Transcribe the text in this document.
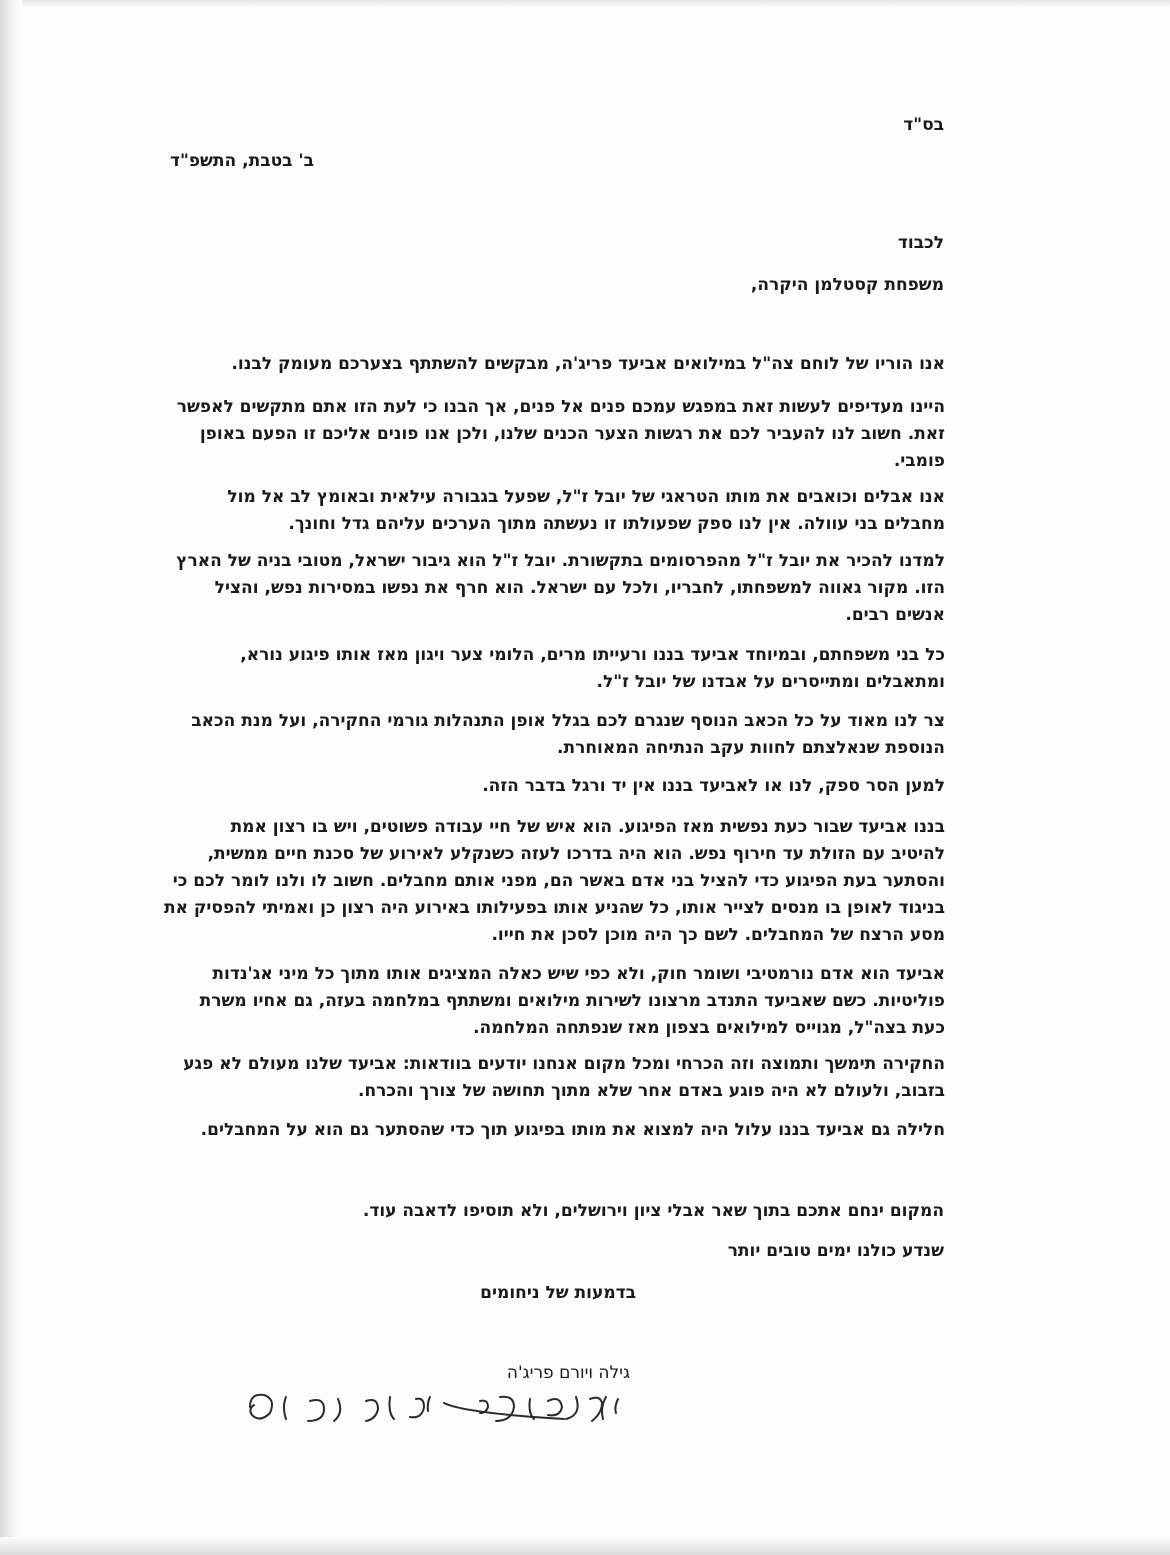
בס"ד
ב' בטבת, התשפ"ד
לכבוד
משפחת קסטלמן היקרה,
אנו הוריו של לוחם צה"ל במילואים אביעד פריג'ה, מבקשים להשתתף בצערכם מעומק לבנו.
היינו מעדיפים לעשות זאת במפגש עמכם פנים אל פנים, אך הבנו כי לעת הזו אתם מתקשים לאפשר
זאת. חשוב לנו להעביר לכם את רגשות הצער הכנים שלנו, ולכן אנו פונים אליכם זו הפעם באופן
פומבי.
אנו אבלים וכואבים את מותו הטראגי של יובל ז"ל, שפעל בגבורה עילאית ובאומץ לב אל מול
מחבלים בני עוולה. אין לנו ספק שפעולתו זו נעשתה מתוך הערכים עליהם גדל וחונך.
למדנו להכיר את יובל ז"ל מהפרסומים בתקשורת. יובל ז"ל הוא גיבור ישראל, מטובי בניה של הארץ
הזו. מקור גאווה למשפחתו, לחבריו, ולכל עם ישראל. הוא חרף את נפשו במסירות נפש, והציל
אנשים רבים.
כל בני משפחתם, ובמיוחד אביעד בננו ורעייתו מרים, הלומי צער ויגון מאז אותו פיגוע נורא,
ומתאבלים ומתייסרים על אבדנו של יובל ז"ל.
צר לנו מאוד על כל הכאב הנוסף שנגרם לכם בגלל אופן התנהלות גורמי החקירה, ועל מנת הכאב
הנוספת שנאלצתם לחוות עקב הנתיחה המאוחרת.
למען הסר ספק, לנו או לאביעד בננו אין יד ורגל בדבר הזה.
בננו אביעד שבור כעת נפשית מאז הפיגוע. הוא איש של חיי עבודה פשוטים, ויש בו רצון אמת
להיטיב עם הזולת עד חירוף נפש. הוא היה בדרכו לעזה כשנקלע לאירוע של סכנת חיים ממשית,
והסתער בעת הפיגוע כדי להציל בני אדם באשר הם, מפני אותם מחבלים. חשוב לו ולנו לומר לכם כי
בניגוד לאופן בו מנסים לצייר אותו, כל שהניע אותו בפעילותו באירוע היה רצון כן ואמיתי להפסיק את
מסע הרצח של המחבלים. לשם כך היה מוכן לסכן את חייו.
אביעד הוא אדם נורמטיבי ושומר חוק, ולא כפי שיש כאלה המציגים אותו מתוך כל מיני אג'נדות
פוליטיות. כשם שאביעד התנדב מרצונו לשירות מילואים ומשתתף במלחמה בעזה, גם אחיו משרת
כעת בצה"ל, מגוייס למילואים בצפון מאז שנפתחה המלחמה.
החקירה תימשך ותמוצה וזה הכרחי ומכל מקום אנחנו יודעים בוודאות: אביעד שלנו מעולם לא פגע
בזבוב, ולעולם לא היה פוגע באדם אחר שלא מתוך תחושה של צורך והכרח.
חלילה גם אביעד בננו עלול היה למצוא את מותו בפיגוע תוך כדי שהסתער גם הוא על המחבלים.
המקום ינחם אתכם בתוך שאר אבלי ציון וירושלים, ולא תוסיפו לדאבה עוד.
שנדע כולנו ימים טובים יותר
בדמעות של ניחומים
גילה ויורם פריג'ה
